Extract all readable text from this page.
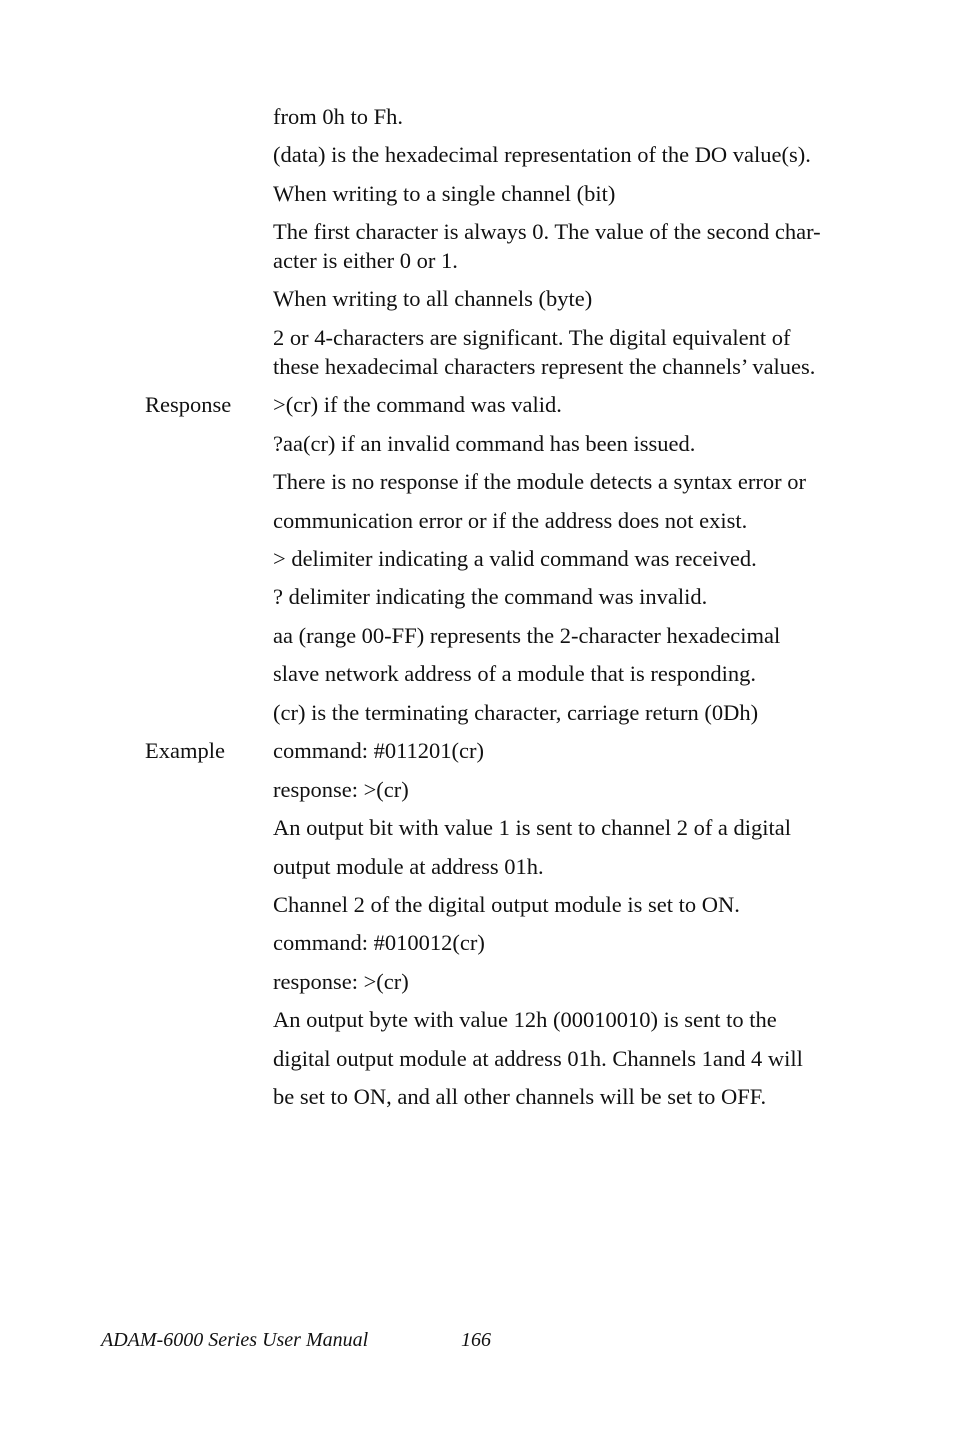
from 0h to Fh.
(data) is the hexadecimal representation of the DO value(s).
When writing to a single channel (bit)
The first character is always 0. The value of the second char-
acter is either 0 or 1.
When writing to all channels (byte)
2 or 4-characters are significant. The digital equivalent of
these hexadecimal characters represent the channels’ values.
Response >(cr) if the command was valid.
?aa(cr) if an invalid command has been issued.
There is no response if the module detects a syntax error or
communication error or if the address does not exist.
> delimiter indicating a valid command was received.
? delimiter indicating the command was invalid.
aa (range 00-FF) represents the 2-character hexadecimal
slave network address of a module that is responding.
(cr) is the terminating character, carriage return (0Dh)
Example command: #011201(cr)
response: >(cr)
An output bit with value 1 is sent to channel 2 of a digital
output module at address 01h.
Channel 2 of the digital output module is set to ON.
command: #010012(cr)
response: >(cr)
An output byte with value 12h (00010010) is sent to the
digital output module at address 01h. Channels 1and 4 will
be set to ON, and all other channels will be set to OFF.
ADAM-6000 Series User Manual	166
